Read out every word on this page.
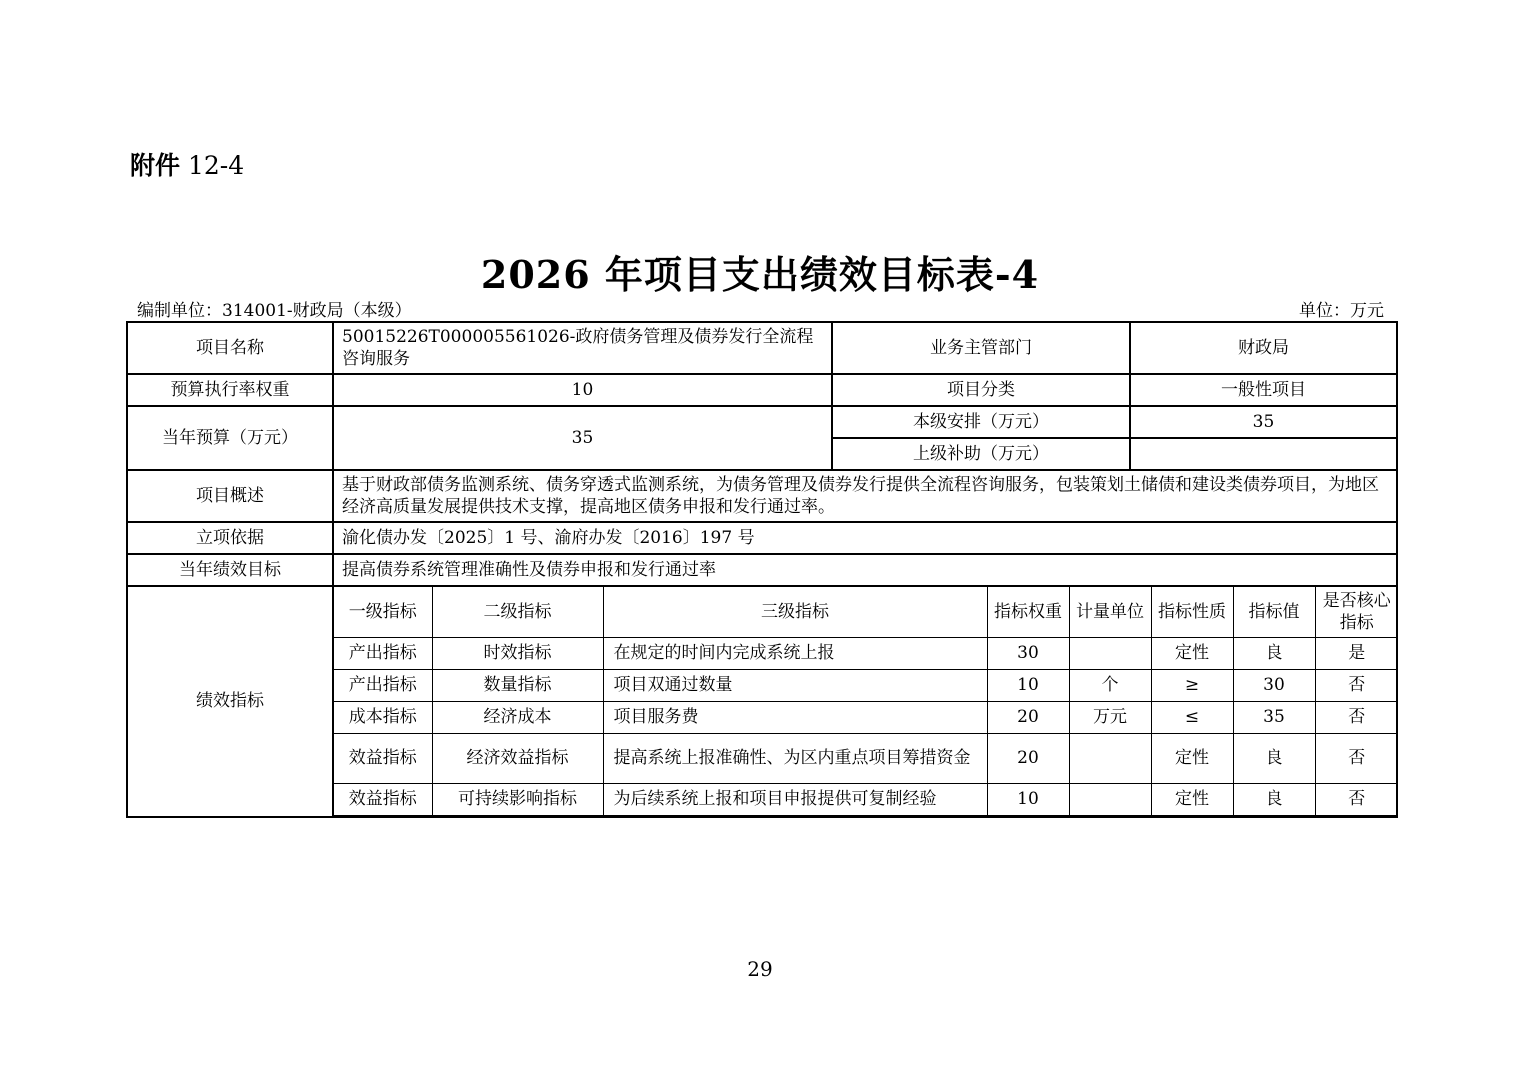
附件 12-4
2026 年项目支出绩效目标表-4
编制单位：314001-财政局（本级）	单位：万元
项目名称	50015226T000005561026-政府债务管理及债券发行全流程咨询服务	业务主管部门	财政局
预算执行率权重	10	项目分类	一般性项目
当年预算（万元）	35	本级安排（万元）	35
上级补助（万元）	
项目概述	基于财政部债务监测系统、债务穿透式监测系统，为债务管理及债券发行提供全流程咨询服务，包装策划土储债和建设类债券项目，为地区经济高质量发展提供技术支撑，提高地区债务申报和发行通过率。
立项依据	渝化债办发〔2025〕1 号、渝府办发〔2016〕197 号
当年绩效目标	提高债券系统管理准确性及债券申报和发行通过率
绩效指标	
一级指标	二级指标	三级指标	指标权重	计量单位	指标性质	指标值	是否核心指标
产出指标	时效指标	在规定的时间内完成系统上报	30		定性	良	是
产出指标	数量指标	项目双通过数量	10	个	≥	30	否
成本指标	经济成本	项目服务费	20	万元	≤	35	否
效益指标	经济效益指标	提高系统上报准确性、为区内重点项目筹措资金	20		定性	良	否
效益指标	可持续影响指标	为后续系统上报和项目申报提供可复制经验	10		定性	良	否
29
